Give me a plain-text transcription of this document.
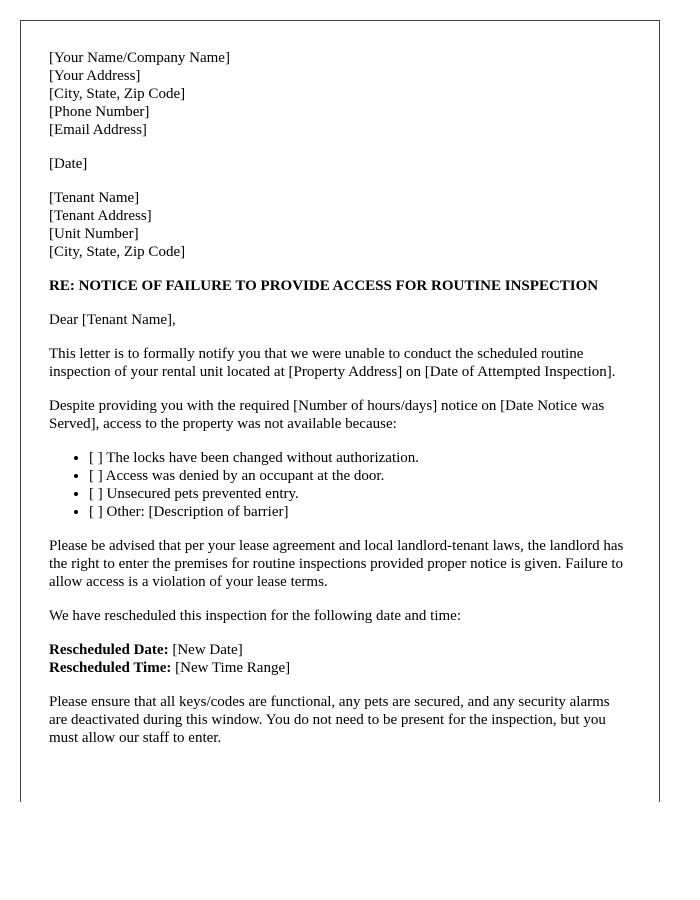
[Your Name/Company Name]
[Your Address]
[City, State, Zip Code]
[Phone Number]
[Email Address]
[Date]
[Tenant Name]
[Tenant Address]
[Unit Number]
[City, State, Zip Code]
RE: NOTICE OF FAILURE TO PROVIDE ACCESS FOR ROUTINE INSPECTION

Dear [Tenant Name],

This letter is to formally notify you that we were unable to conduct the scheduled routine inspection of your rental unit located at [Property Address] on [Date of Attempted Inspection].

Despite providing you with the required [Number of hours/days] notice on [Date Notice was Served], access to the property was not available because:

• [ ] The locks have been changed without authorization.
• [ ] Access was denied by an occupant at the door.
• [ ] Unsecured pets prevented entry.
• [ ] Other: [Description of barrier]

Please be advised that per your lease agreement and local landlord-tenant laws, the landlord has the right to enter the premises for routine inspections provided proper notice is given. Failure to allow access is a violation of your lease terms.

We have rescheduled this inspection for the following date and time:

Rescheduled Date: [New Date]
Rescheduled Time: [New Time Range]

Please ensure that all keys/codes are functional, any pets are secured, and any security alarms are deactivated during this window. You do not need to be present for the inspection, but you must allow our staff to enter.
